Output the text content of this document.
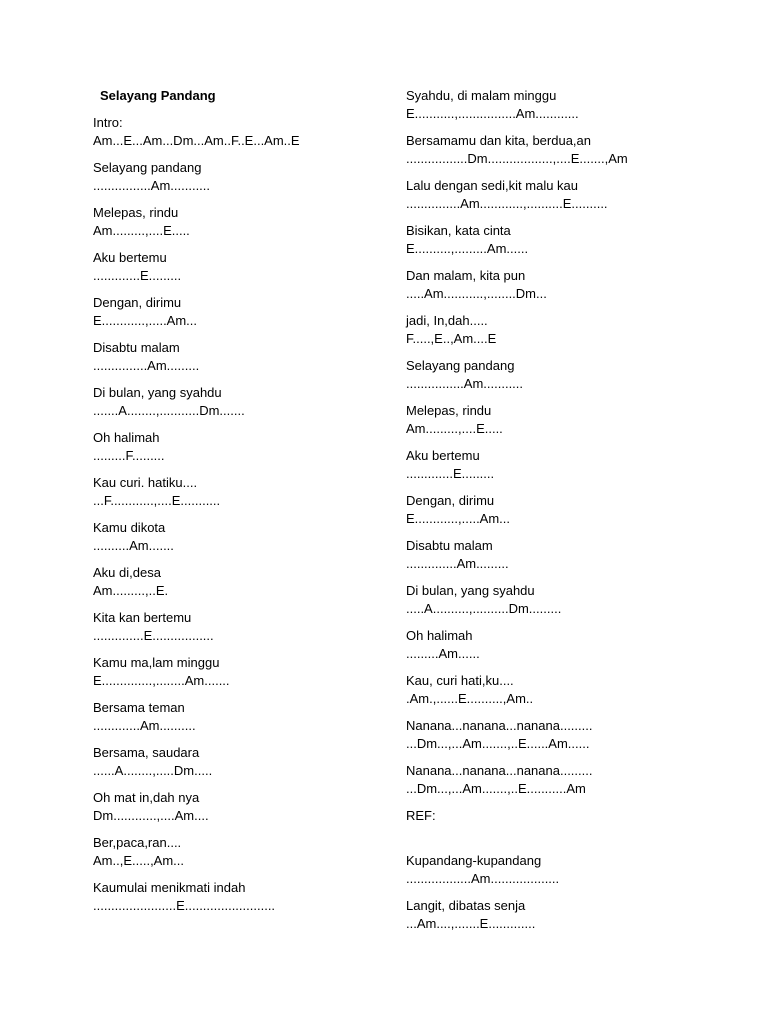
Selayang Pandang
Intro:
Am...E...Am...Dm...Am..F..E...Am..E
Selayang pandang
................Am...........
Melepas, rindu
Am.........,....E.....
Aku bertemu
.............E.........
Dengan, dirimu
E............,.....Am...
Disabtu malam
...............Am.........
Di bulan, yang syahdu
.......A........,...........Dm.......
Oh halimah
.........F.........
Kau curi. hatiku....
...F............,....E...........
Kamu dikota
..........Am.......
Aku di,desa
Am.........,..E.
Kita kan bertemu
..............E.................
Kamu ma,lam minggu
E..............,........Am.......
Bersama teman
.............Am..........
Bersama, saudara
......A........,.....Dm.....
Oh mat in,dah nya
Dm............,....Am....
Ber,paca,ran....
Am..,E.....,Am...
Kaumulai menikmati indah
.......................E.........................
Syahdu, di malam minggu
E...........,................Am............
Bersamamu dan kita, berdua,an
.................Dm..................,....E.......,Am
Lalu dengan sedi,kit malu kau
...............Am............,..........E..........
Bisikan, kata cinta
E..........,.........Am......
Dan malam, kita pun
.....Am...........,........Dm...
jadi, In,dah.....
F.....,E..,Am....E
Selayang pandang
................Am...........
Melepas, rindu
Am.........,....E.....
Aku bertemu
.............E.........
Dengan, dirimu
E............,.....Am...
Disabtu malam
..............Am.........
Di bulan, yang syahdu
.....A..........,..........Dm.........
Oh halimah
.........Am......
Kau, curi hati,ku....
.Am.,......E..........,Am..
Nanana...nanana...nanana.........
...Dm...,...Am.......,..E......Am......
Nanana...nanana...nanana.........
...Dm...,...Am.......,..E...........Am
REF:
Kupandang-kupandang
..................Am...................
Langit, dibatas senja
...Am....,.......E.............
